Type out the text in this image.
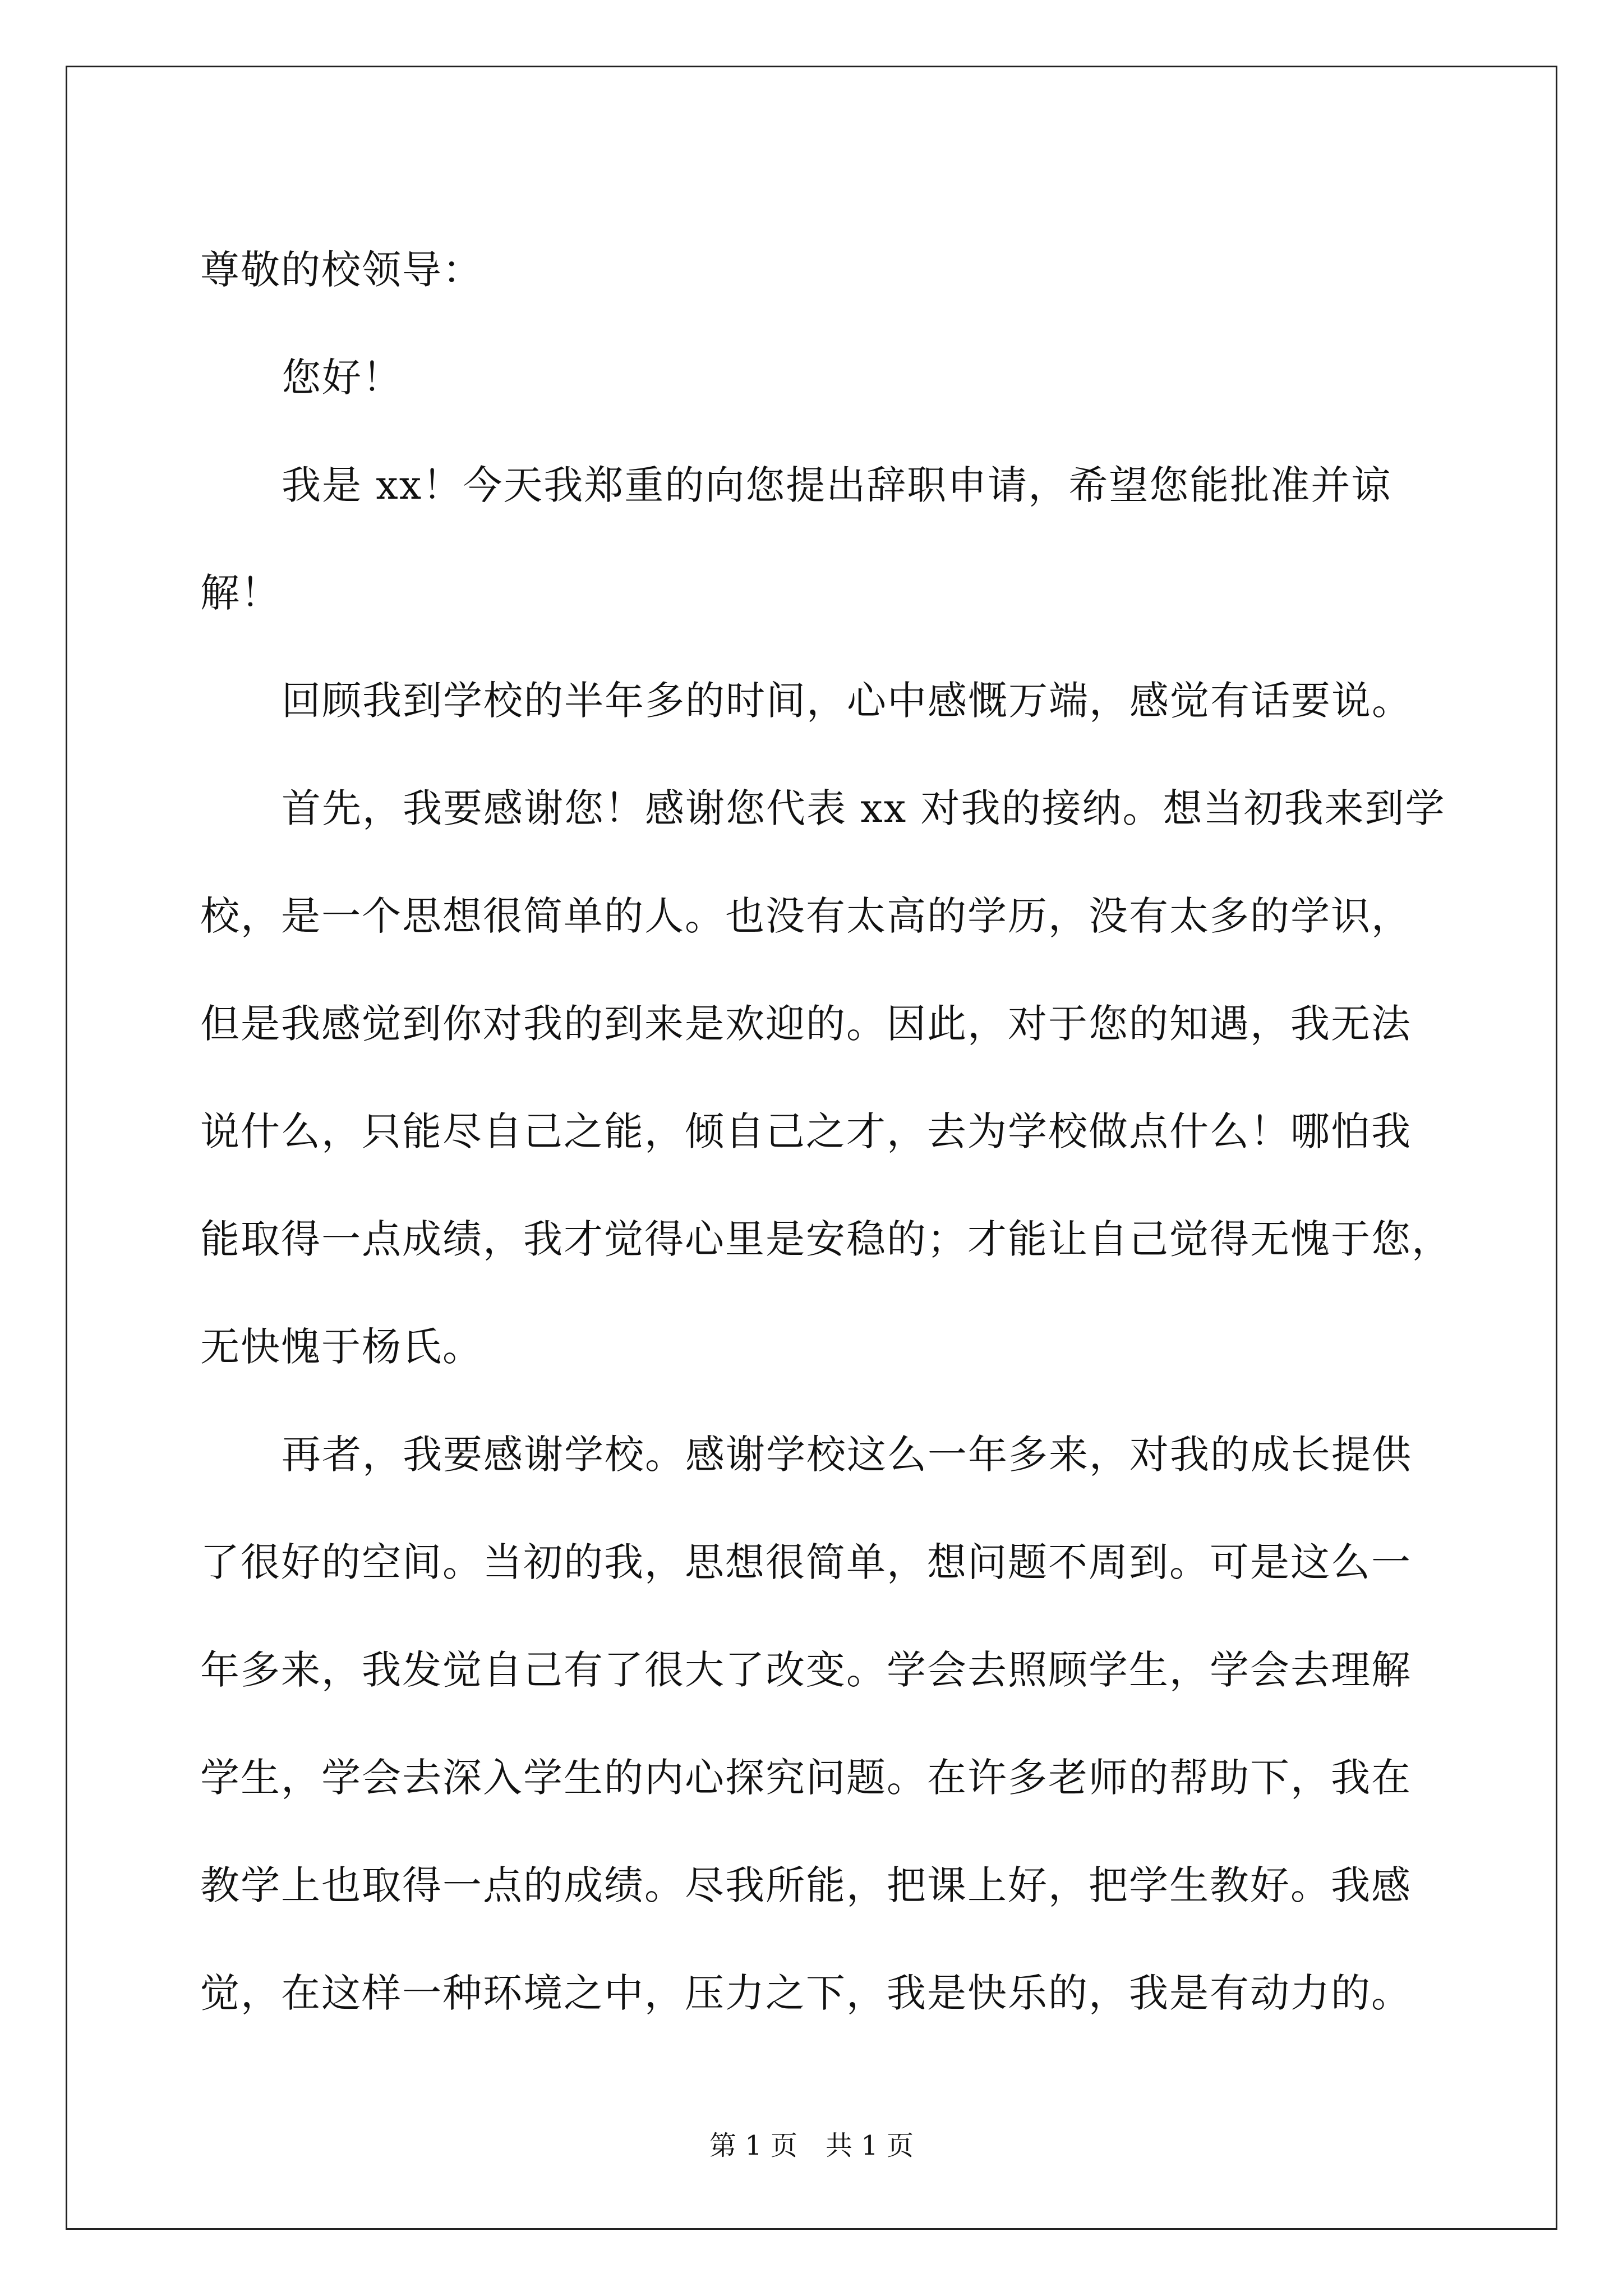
尊敬的校领导：
您好！
我是 xx！今天我郑重的向您提出辞职申请，希望您能批准并谅
解！
回顾我到学校的半年多的时间，心中感慨万端，感觉有话要说。
首先，我要感谢您！感谢您代表 xx 对我的接纳。想当初我来到学
校，是一个思想很简单的人。也没有太高的学历，没有太多的学识，
但是我感觉到你对我的到来是欢迎的。因此，对于您的知遇，我无法
说什么，只能尽自己之能，倾自己之才，去为学校做点什么！哪怕我
能取得一点成绩，我才觉得心里是安稳的；才能让自己觉得无愧于您，
无快愧于杨氏。
再者，我要感谢学校。感谢学校这么一年多来，对我的成长提供
了很好的空间。当初的我，思想很简单，想问题不周到。可是这么一
年多来，我发觉自己有了很大了改变。学会去照顾学生，学会去理解
学生，学会去深入学生的内心探究问题。在许多老师的帮助下，我在
教学上也取得一点的成绩。尽我所能，把课上好，把学生教好。我感
觉，在这样一种环境之中，压力之下，我是快乐的，我是有动力的。
第 1 页 共 1 页
